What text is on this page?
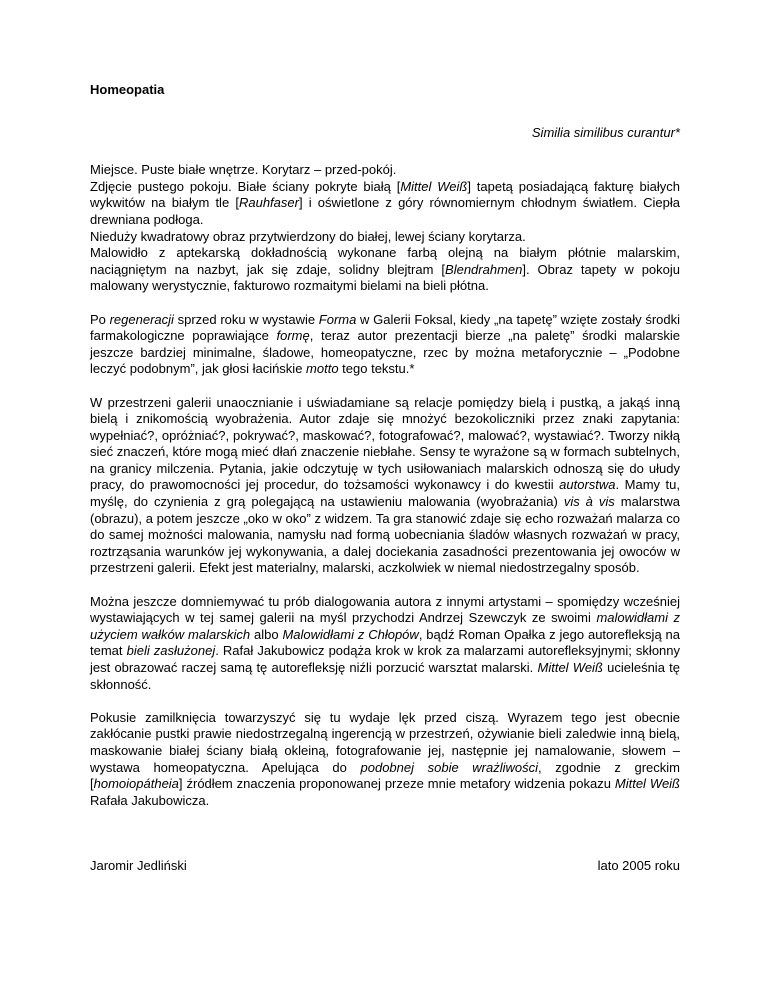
Homeopatia
Similia similibus curantur*
Miejsce. Puste białe wnętrze. Korytarz – przed-pokój.
Zdjęcie pustego pokoju. Białe ściany pokryte białą [Mittel Weiß] tapetą posiadającą fakturę białych wykwitów na białym tle [Rauhfaser] i oświetlone z góry równomiernym chłodnym światłem. Ciepła drewniana podłoga.
Nieduży kwadratowy obraz przytwierdzony do białej, lewej ściany korytarza.
Malowidło z aptekarską dokładnością wykonane farbą olejną na białym płótnie malarskim, naciągniętym na nazbyt, jak się zdaje, solidny blejtram [Blendrahmen]. Obraz tapety w pokoju malowany werystycznie, fakturowo rozmaitymi bielami na bieli płótna.
Po regeneracji sprzed roku w wystawie Forma w Galerii Foksal, kiedy „na tapetę” wzięte zostały środki farmakologiczne poprawiające formę, teraz autor prezentacji bierze „na paletę” środki malarskie jeszcze bardziej minimalne, śladowe, homeopatyczne, rzec by można metaforycznie – „Podobne leczyć podobnym”, jak głosi łacińskie motto tego tekstu.*
W przestrzeni galerii unaocznianie i uświadamiane są relacje pomiędzy bielą i pustką, a jakąś inną bielą i znikomością wyobrażenia. Autor zdaje się mnożyć bezokoliczniki przez znaki zapytania: wypełniać?, opróżniać?, pokrywać?, maskować?, fotografować?, malować?, wystawiać?. Tworzy nikłą sieć znaczeń, które mogą mieć dłań znaczenie niebłahe. Sensy te wyrażone są w formach subtelnych, na granicy milczenia. Pytania, jakie odczytuję w tych usiłowaniach malarskich odnoszą się do ułudy pracy, do prawomocności jej procedur, do tożsamości wykonawcy i do kwestii autorstwa. Mamy tu, myślę, do czynienia z grą polegającą na ustawieniu malowania (wyobrażania) vis à vis malarstwa (obrazu), a potem jeszcze „oko w oko” z widzem. Ta gra stanowić zdaje się echo rozważań malarza co do samej możności malowania, namysłu nad formą uobecniania śladów własnych rozważań w pracy, roztrząsania warunków jej wykonywania, a dalej dociekania zasadności prezentowania jej owoców w przestrzeni galerii. Efekt jest materialny, malarski, aczkolwiek w niemal niedostrzegalny sposób.
Można jeszcze domniemywać tu prób dialogowania autora z innymi artystami – spomiędzy wcześniej wystawiających w tej samej galerii na myśl przychodzi Andrzej Szewczyk ze swoimi malowidłami z użyciem wałków malarskich albo Malowidłami z Chłopów, bądź Roman Opałka z jego autorefleksją na temat bieli zasłużonej. Rafał Jakubowicz podąża krok w krok za malarzami autorefleksyjnymi; skłonny jest obrazować raczej samą tę autorefleksję niźli porzucić warsztat malarski. Mittel Weiß ucieleśnia tę skłonność.
Pokusie zamilknięcia towarzyszyć się tu wydaje lęk przed ciszą. Wyrazem tego jest obecnie zakłócanie pustki prawie niedostrzegalną ingerencją w przestrzeń, ożywianie bieli zaledwie inną bielą, maskowanie białej ściany białą okleiną, fotografowanie jej, następnie jej namalowanie, słowem – wystawa homeopatyczna. Apelująca do podobnej sobie wrażliwości, zgodnie z greckim [homoiopátheia] źródłem znaczenia proponowanej przeze mnie metafory widzenia pokazu Mittel Weiß Rafała Jakubowicza.
Jaromir Jedliński	lato 2005 roku
